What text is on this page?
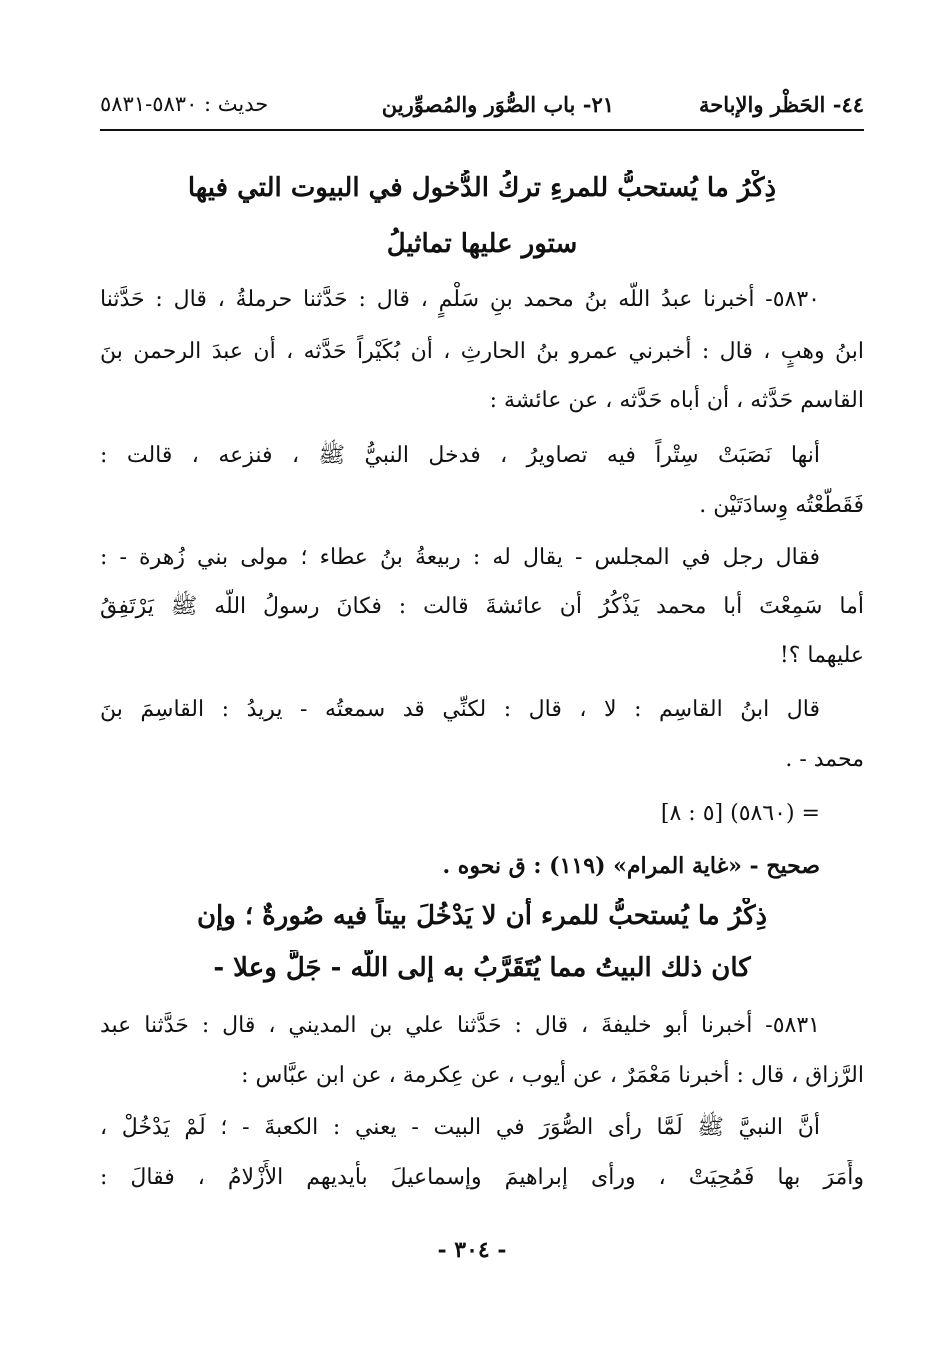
٤٤- الحَظْر والإباحة
٢١- باب الصُّوَر والمُصوِّرين
حديث : ٥٨٣٠-٥٨٣١
ذِكْرُ ما يُستحبُّ للمرءِ تركُ الدُّخول في البيوت التي فيها
ستور عليها تماثيلُ
٥٨٣٠- أخبرنا عبدُ اللَّه بنُ محمد بنِ سَلْمٍ ، قال : حَدَّثنا حرملةُ ، قال : حَدَّثنا
ابنُ وهبٍ ، قال : أخبرني عمرو بنُ الحارثِ ، أن بُكَيْراً حَدَّثه ، أن عبدَ الرحمن بنَ
القاسم حَدَّثه ، أن أباه حَدَّثه ، عن عائشة :
أنها نَصَبَتْ سِتْراً فيه تصاويرُ ، فدخل النبيُّ ﷺ ، فنزعه ، قالت :
فَقَطَّعْتُه وِسادَتَيْن .
فقال رجل في المجلس - يقال له : ربيعةُ بنُ عطاء ؛ مولى بني زُهرة - :
أما سَمِعْتَ أبا محمد يَذْكُرُ أن عائشةَ قالت : فكانَ رسولُ اللَّه ﷺ يَرْتَفِقُ
عليهما ؟!
قال ابنُ القاسِم : لا ، قال : لكنِّي قد سمعتُه - يريدُ : القاسِمَ بنَ
محمد - .
= (٥٨٦٠) [٥ : ٨]
صحيح - «غاية المرام» (١١٩) : ق نحوه .
ذِكْرُ ما يُستحبُّ للمرء أن لا يَدْخُلَ بيتاً فيه صُورةٌ ؛ وإن
كان ذلك البيتُ مما يُتَقَرَّبُ به إلى اللَّه - جَلَّ وعلا -
٥٨٣١- أخبرنا أبو خليفةَ ، قال : حَدَّثنا علي بن المديني ، قال : حَدَّثنا عبد
الرَّزاق ، قال : أخبرنا مَعْمَرٌ ، عن أيوب ، عن عِكرمة ، عن ابن عبَّاس :
أنَّ النبيَّ ﷺ لَمَّا رأى الصُّوَرَ في البيت - يعني : الكعبةَ - ؛ لَمْ يَدْخُلْ ،
وأَمَرَ بها فَمُحِيَتْ ، ورأى إبراهيمَ وإسماعيلَ بأيديهم الأَزْلامُ ، فقالَ :
- ٣٠٤ -
